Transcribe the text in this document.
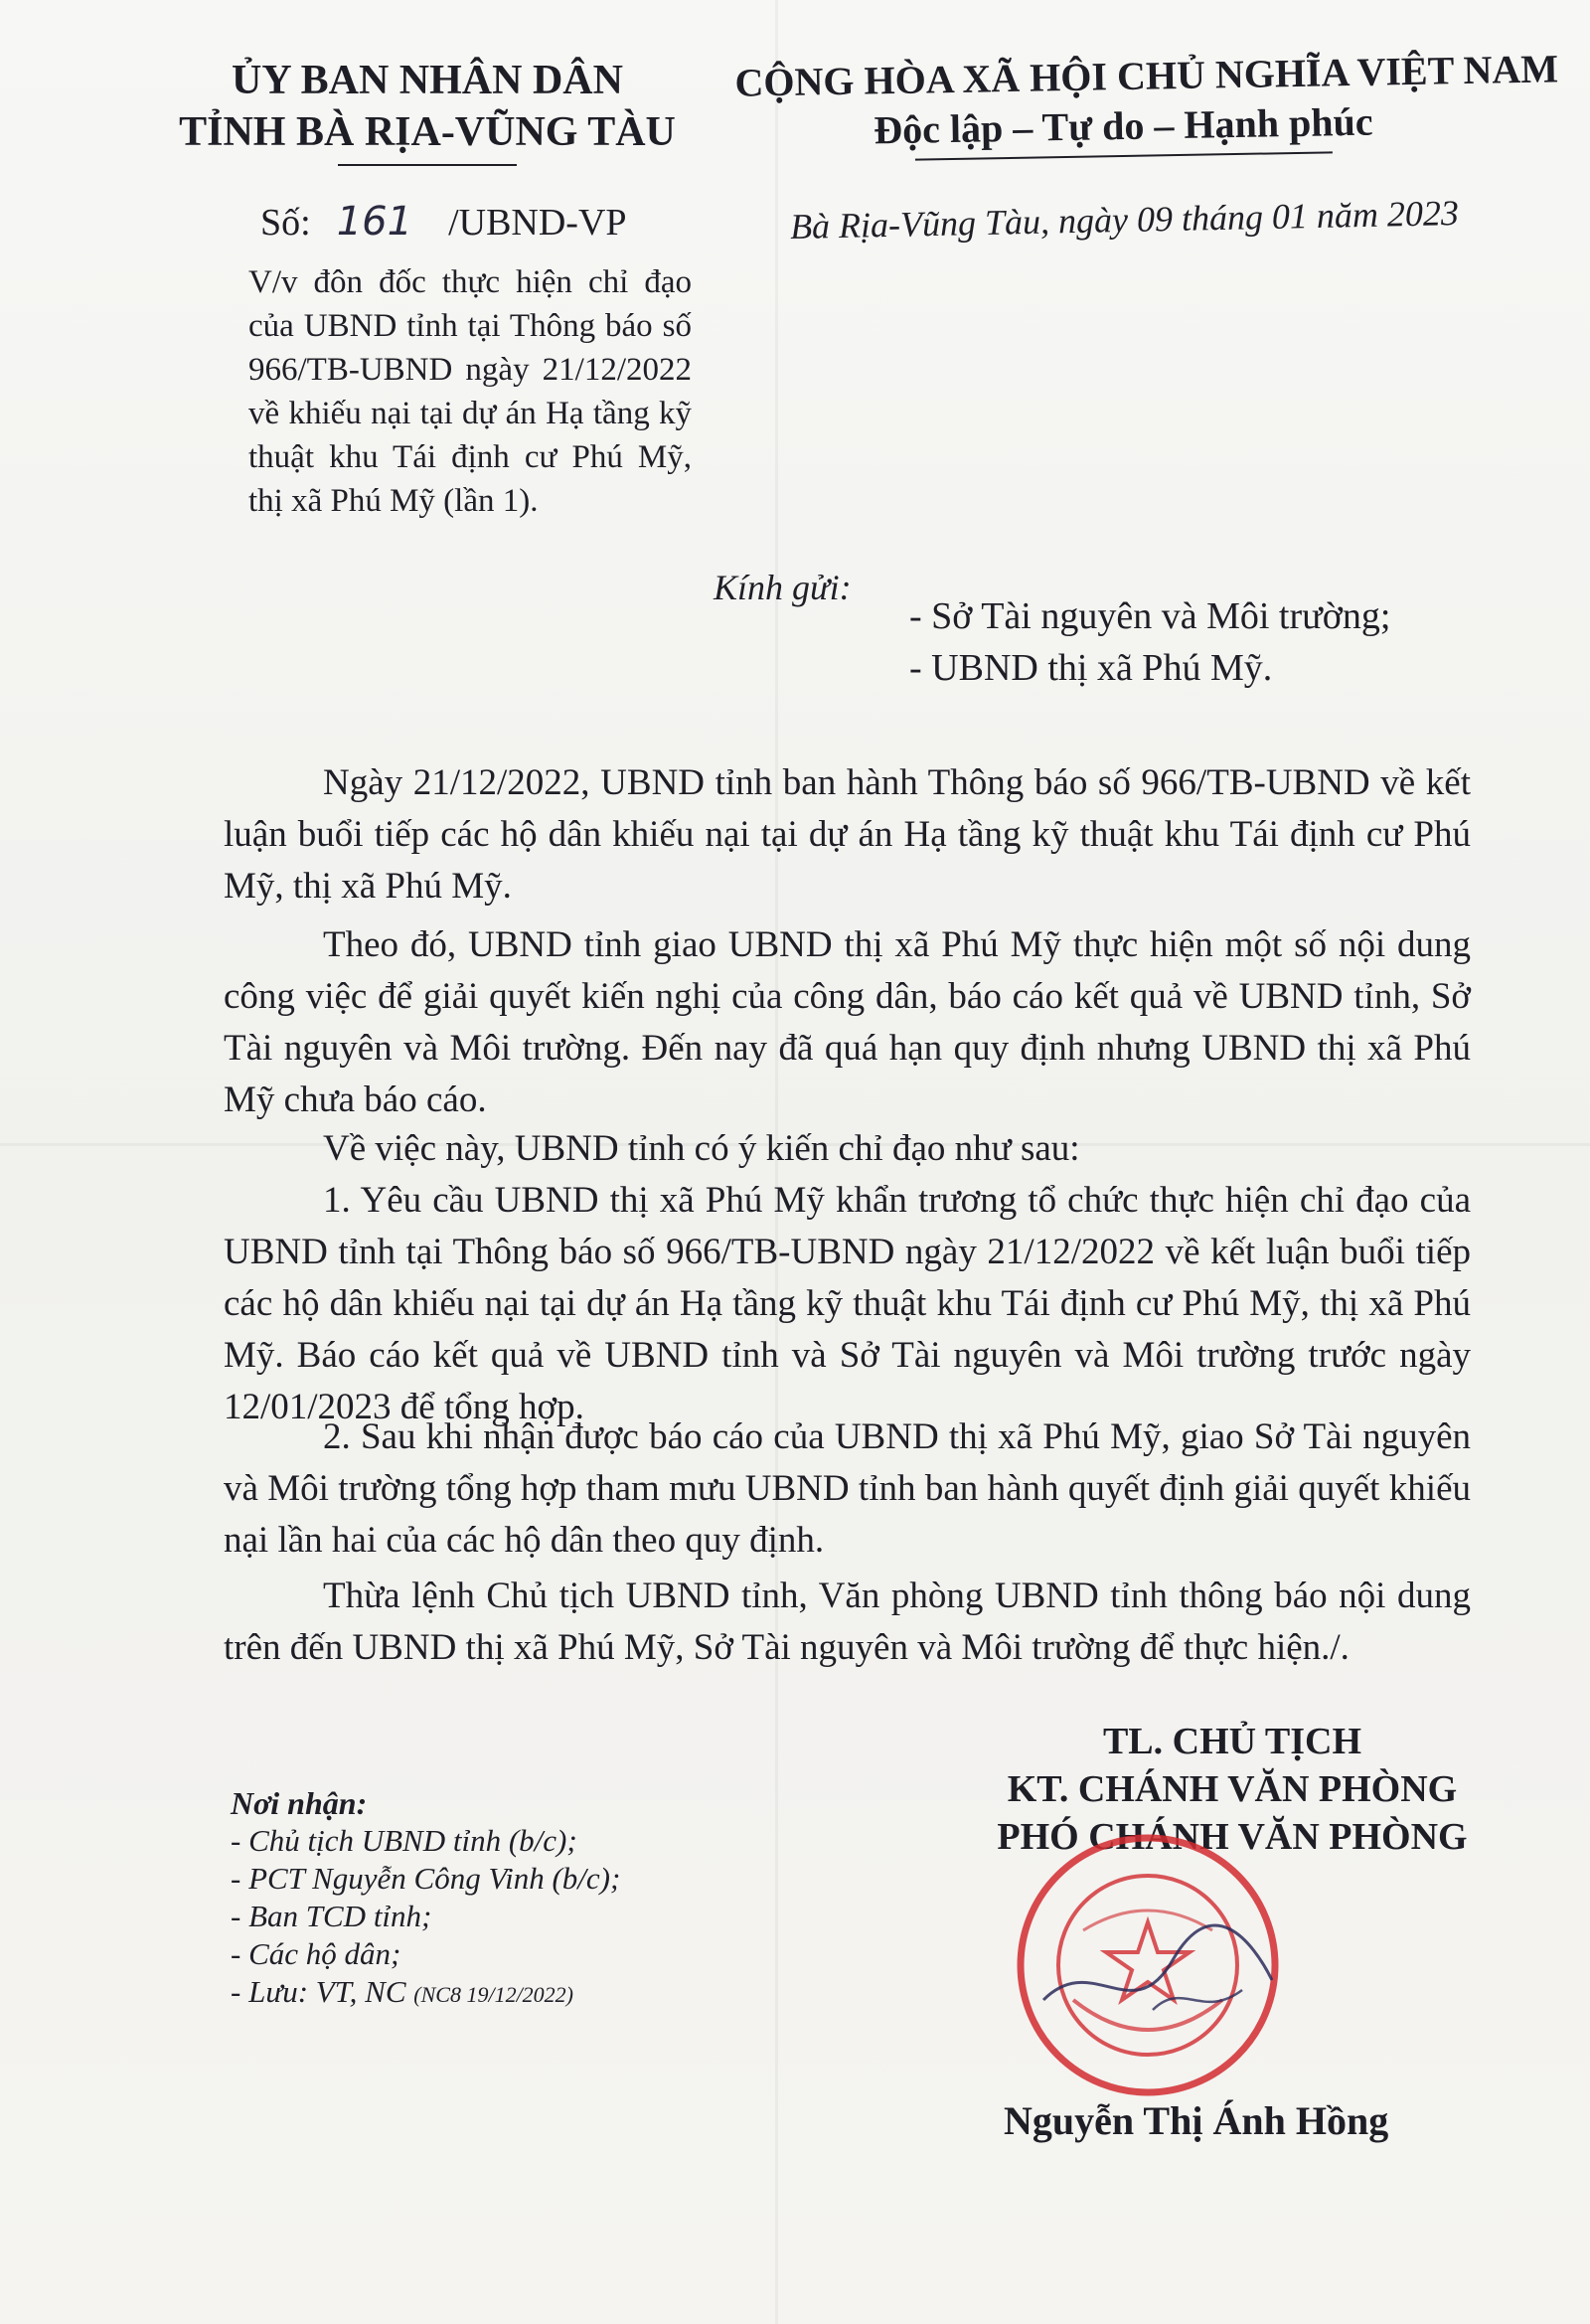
ỦY BAN NHÂN DÂN
TỈNH BÀ RỊA-VŨNG TÀU
Số: 161 /UBND-VP
V/v đôn đốc thực hiện chỉ đạo của UBND tỉnh tại Thông báo số 966/TB-UBND ngày 21/12/2022 về khiếu nại tại dự án Hạ tầng kỹ thuật khu Tái định cư Phú Mỹ, thị xã Phú Mỹ (lần 1).
CỘNG HÒA XÃ HỘI CHỦ NGHĨA VIỆT NAM
Độc lập – Tự do – Hạnh phúc
Bà Rịa-Vũng Tàu, ngày 09 tháng 01 năm 2023
Kính gửi:
- Sở Tài nguyên và Môi trường;
- UBND thị xã Phú Mỹ.

Ngày 21/12/2022, UBND tỉnh ban hành Thông báo số 966/TB-UBND về kết luận buổi tiếp các hộ dân khiếu nại tại dự án Hạ tầng kỹ thuật khu Tái định cư Phú Mỹ, thị xã Phú Mỹ.

Theo đó, UBND tỉnh giao UBND thị xã Phú Mỹ thực hiện một số nội dung công việc để giải quyết kiến nghị của công dân, báo cáo kết quả về UBND tỉnh, Sở Tài nguyên và Môi trường. Đến nay đã quá hạn quy định nhưng UBND thị xã Phú Mỹ chưa báo cáo.

Về việc này, UBND tỉnh có ý kiến chỉ đạo như sau:

1. Yêu cầu UBND thị xã Phú Mỹ khẩn trương tổ chức thực hiện chỉ đạo của UBND tỉnh tại Thông báo số 966/TB-UBND ngày 21/12/2022 về kết luận buổi tiếp các hộ dân khiếu nại tại dự án Hạ tầng kỹ thuật khu Tái định cư Phú Mỹ, thị xã Phú Mỹ. Báo cáo kết quả về UBND tỉnh và Sở Tài nguyên và Môi trường trước ngày 12/01/2023 để tổng hợp.

2. Sau khi nhận được báo cáo của UBND thị xã Phú Mỹ, giao Sở Tài nguyên và Môi trường tổng hợp tham mưu UBND tỉnh ban hành quyết định giải quyết khiếu nại lần hai của các hộ dân theo quy định.

Thừa lệnh Chủ tịch UBND tỉnh, Văn phòng UBND tỉnh thông báo nội dung trên đến UBND thị xã Phú Mỹ, Sở Tài nguyên và Môi trường để thực hiện./.

Nơi nhận:
- Chủ tịch UBND tỉnh (b/c);
- PCT Nguyễn Công Vinh (b/c);
- Ban TCD tỉnh;
- Các hộ dân;
- Lưu: VT, NC (NC8 19/12/2022)
TL. CHỦ TỊCH
KT. CHÁNH VĂN PHÒNG
PHÓ CHÁNH VĂN PHÒNG
Nguyễn Thị Ánh Hồng
